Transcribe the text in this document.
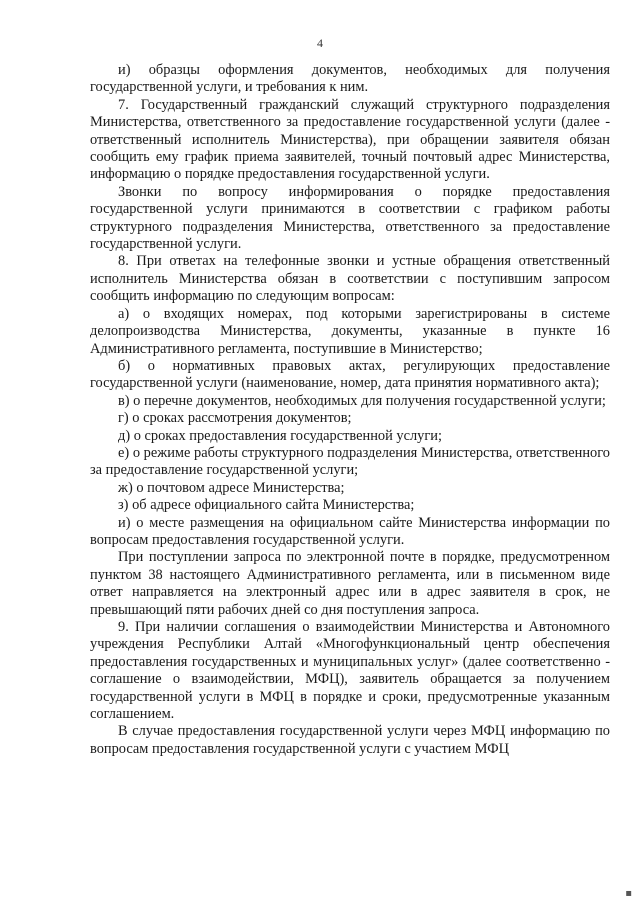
4

и) образцы оформления документов, необходимых для получения государственной услуги, и требования к ним.

7. Государственный гражданский служащий структурного подразделения Министерства, ответственного за предоставление государственной услуги (далее - ответственный исполнитель Министерства), при обращении заявителя обязан сообщить ему график приема заявителей, точный почтовый адрес Министерства, информацию о порядке предоставления государственной услуги.

Звонки по вопросу информирования о порядке предоставления государственной услуги принимаются в соответствии с графиком работы структурного подразделения Министерства, ответственного за предоставление государственной услуги.

8. При ответах на телефонные звонки и устные обращения ответственный исполнитель Министерства обязан в соответствии с поступившим запросом сообщить информацию по следующим вопросам:

а) о входящих номерах, под которыми зарегистрированы в системе делопроизводства Министерства, документы, указанные в пункте 16 Административного регламента, поступившие в Министерство;

б) о нормативных правовых актах, регулирующих предоставление государственной услуги (наименование, номер, дата принятия нормативного акта);

в) о перечне документов, необходимых для получения государственной услуги;

г) о сроках рассмотрения документов;

д) о сроках предоставления государственной услуги;

е) о режиме работы структурного подразделения Министерства, ответственного за предоставление государственной услуги;

ж) о почтовом адресе Министерства;

з) об адресе официального сайта Министерства;

и) о месте размещения на официальном сайте Министерства информации по вопросам предоставления государственной услуги.

При поступлении запроса по электронной почте в порядке, предусмотренном пунктом 38 настоящего Административного регламента, или в письменном виде ответ направляется на электронный адрес или в адрес заявителя в срок, не превышающий пяти рабочих дней со дня поступления запроса.

9. При наличии соглашения о взаимодействии Министерства и Автономного учреждения Республики Алтай «Многофункциональный центр обеспечения предоставления государственных и муниципальных услуг» (далее соответственно - соглашение о взаимодействии, МФЦ), заявитель обращается за получением государственной услуги в МФЦ в порядке и сроки, предусмотренные указанным соглашением.

В случае предоставления государственной услуги через МФЦ информацию по вопросам предоставления государственной услуги с участием МФЦ

▪
